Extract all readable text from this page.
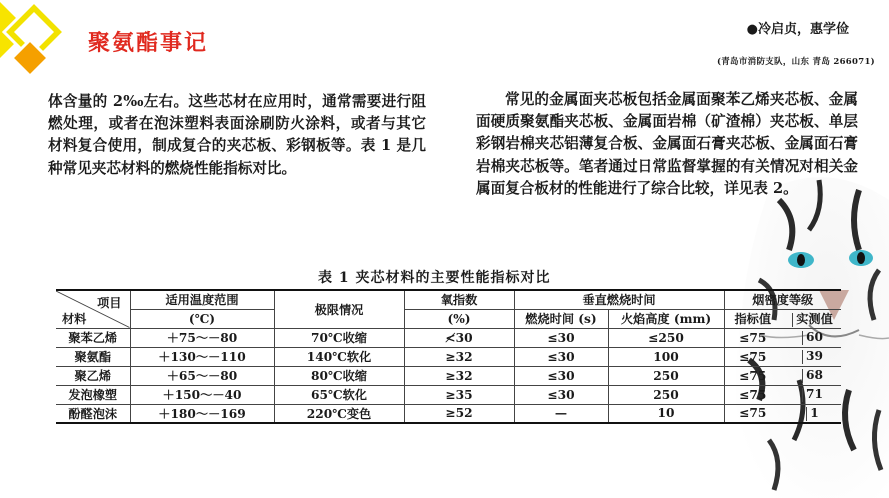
聚氨酯事记
●冷启贞，惠学俭
(青岛市消防支队，山东 青岛 266071)

体含量的 2‰左右。这些芯材在应用时，通常需要进行阻燃处理，或者在泡沫塑料表面涂刷防火涂料，或者与其它材料复合使用，制成复合的夹芯板、彩钢板等。表 1 是几种常见夹芯材料的燃烧性能指标对比。

常见的金属面夹芯板包括金属面聚苯乙烯夹芯板、金属面硬质聚氨酯夹芯板、金属面岩棉（矿渣棉）夹芯板、单层彩钢岩棉夹芯铝薄复合板、金属面石膏夹芯板、金属面石膏岩棉夹芯板等。笔者通过日常监督掌握的有关情况对相关金属面复合板材的性能进行了综合比较，详见表 2。

表 1 夹芯材料的主要性能指标对比
项目
材料	适用温度范围	极限情况	氧指数	垂直燃烧时间		烟密度等级	
	(℃)		(%)	燃烧时间 (s)	火焰高度 (mm)	指标值	实测值
聚苯乙烯	＋75～－80	70℃收缩	≮30	≤30	≤250	≤75	60
聚氨酯	＋130～－110	140℃软化	≥32	≤30	100	≤75	39
聚乙烯	＋65～－80	80℃收缩	≥32	≤30	250	≤75	68
发泡橡塑	＋150～－40	65℃软化	≥35	≤30	250	≤75	71
酚醛泡沫	＋180～－169	220℃变色	≥52	—	10	≤75	1
